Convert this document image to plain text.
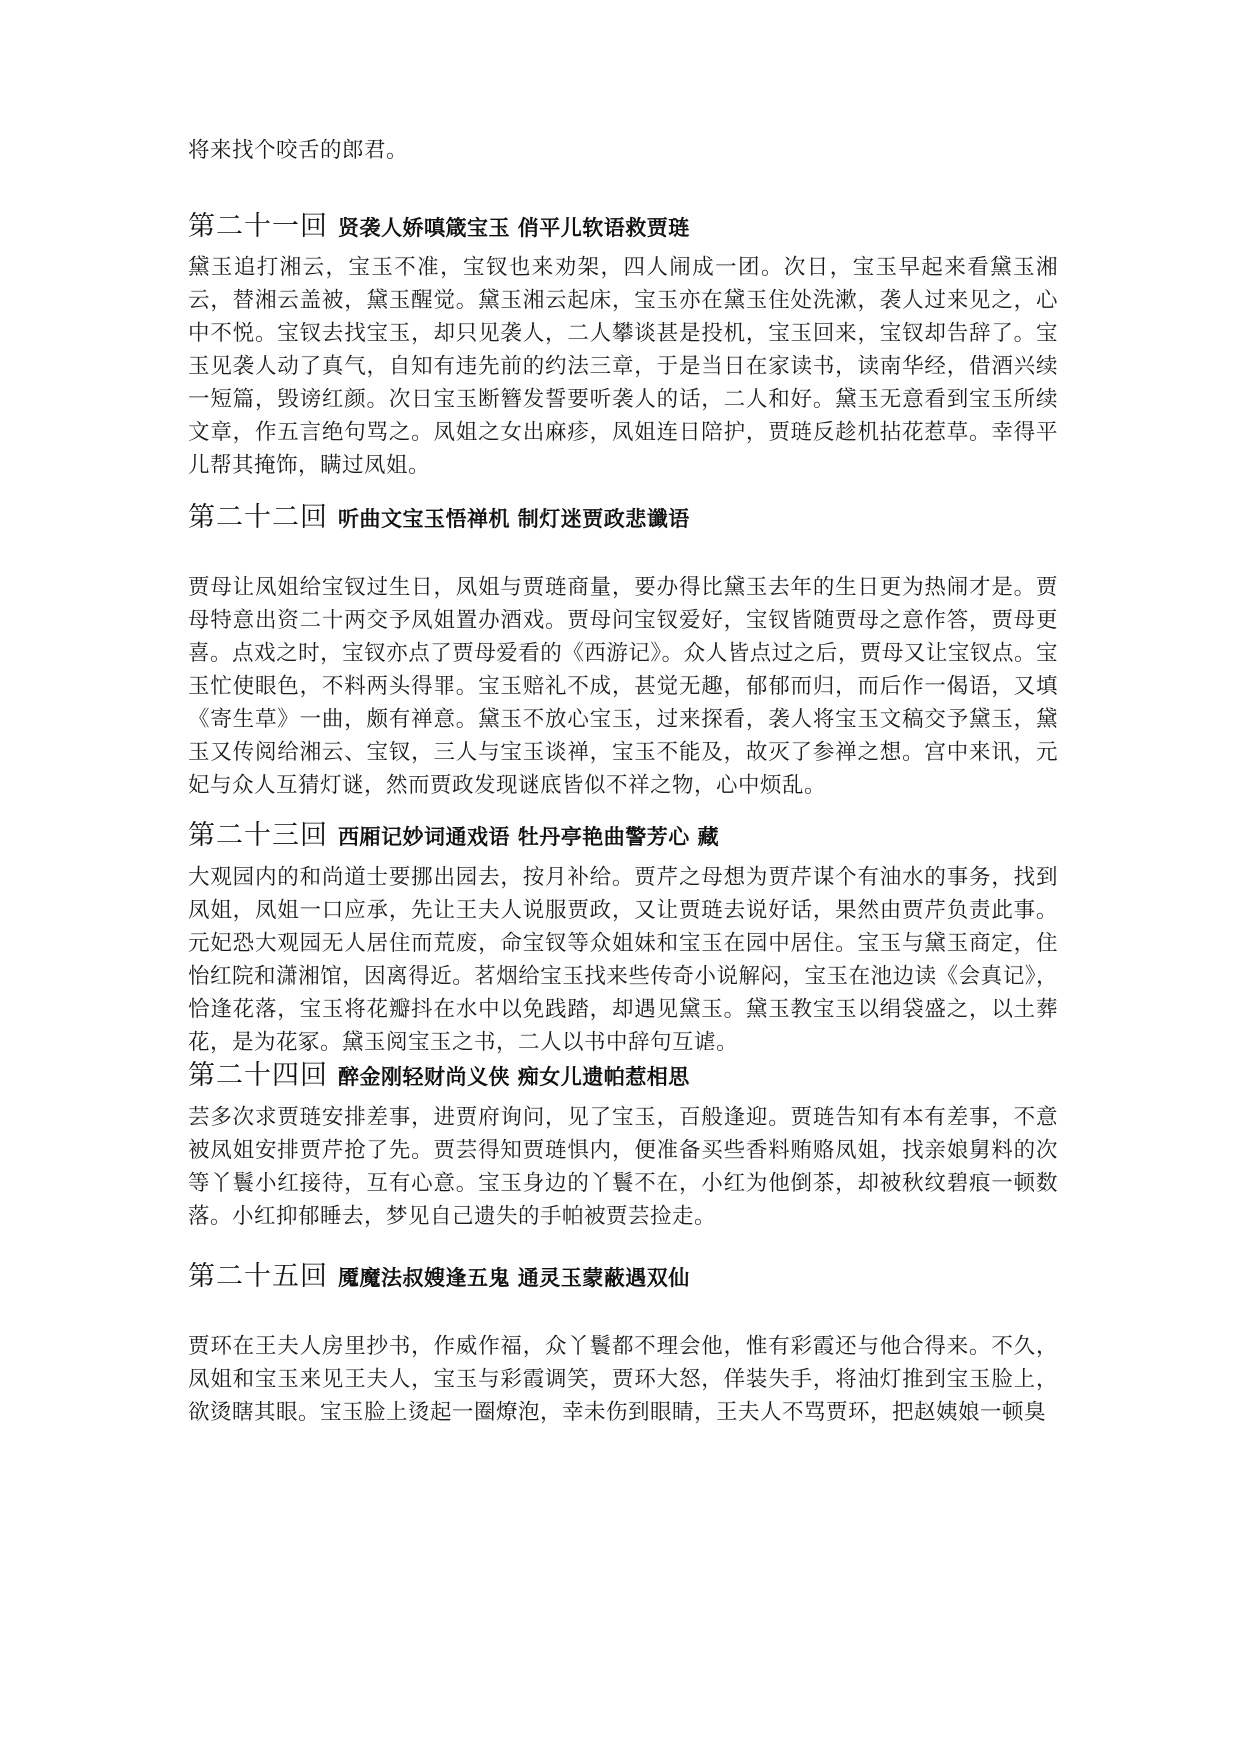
将来找个咬舌的郎君。

第二十一回 贤袭人娇嗔箴宝玉 俏平儿软语救贾琏

黛玉追打湘云，宝玉不准，宝钗也来劝架，四人闹成一团。次日，宝玉早起来看黛玉湘云，替湘云盖被，黛玉醒觉。黛玉湘云起床，宝玉亦在黛玉住处洗漱，袭人过来见之，心中不悦。宝钗去找宝玉，却只见袭人，二人攀谈甚是投机，宝玉回来，宝钗却告辞了。宝玉见袭人动了真气，自知有违先前的约法三章，于是当日在家读书，读南华经，借酒兴续一短篇，毁谤红颜。次日宝玉断簪发誓要听袭人的话，二人和好。黛玉无意看到宝玉所续文章，作五言绝句骂之。凤姐之女出麻疹，凤姐连日陪护，贾琏反趁机拈花惹草。幸得平儿帮其掩饰，瞒过凤姐。

第二十二回 听曲文宝玉悟禅机 制灯迷贾政悲谶语

贾母让凤姐给宝钗过生日，凤姐与贾琏商量，要办得比黛玉去年的生日更为热闹才是。贾母特意出资二十两交予凤姐置办酒戏。贾母问宝钗爱好，宝钗皆随贾母之意作答，贾母更喜。点戏之时，宝钗亦点了贾母爱看的《西游记》。众人皆点过之后，贾母又让宝钗点。宝玉忙使眼色，不料两头得罪。宝玉赔礼不成，甚觉无趣，郁郁而归，而后作一偈语，又填《寄生草》一曲，颇有禅意。黛玉不放心宝玉，过来探看，袭人将宝玉文稿交予黛玉，黛玉又传阅给湘云、宝钗，三人与宝玉谈禅，宝玉不能及，故灭了参禅之想。宫中来讯，元妃与众人互猜灯谜，然而贾政发现谜底皆似不祥之物，心中烦乱。

第二十三回 西厢记妙词通戏语 牡丹亭艳曲警芳心 藏

大观园内的和尚道士要挪出园去，按月补给。贾芹之母想为贾芹谋个有油水的事务，找到凤姐，凤姐一口应承，先让王夫人说服贾政，又让贾琏去说好话，果然由贾芹负责此事。元妃恐大观园无人居住而荒废，命宝钗等众姐妹和宝玉在园中居住。宝玉与黛玉商定，住怡红院和潇湘馆，因离得近。茗烟给宝玉找来些传奇小说解闷，宝玉在池边读《会真记》，恰逢花落，宝玉将花瓣抖在水中以免践踏，却遇见黛玉。黛玉教宝玉以绢袋盛之，以土葬花，是为花冢。黛玉阅宝玉之书，二人以书中辞句互谑。

第二十四回 醉金刚轻财尚义侠 痴女儿遗帕惹相思

芸多次求贾琏安排差事，进贾府询问，见了宝玉，百般逢迎。贾琏告知有本有差事，不意被凤姐安排贾芹抢了先。贾芸得知贾琏惧内，便准备买些香料贿赂凤姐，找亲娘舅料的次等丫鬟小红接待，互有心意。宝玉身边的丫鬟不在，小红为他倒茶，却被秋纹碧痕一顿数落。小红抑郁睡去，梦见自己遗失的手帕被贾芸捡走。

第二十五回 魇魔法叔嫂逢五鬼 通灵玉蒙蔽遇双仙

贾环在王夫人房里抄书，作威作福，众丫鬟都不理会他，惟有彩霞还与他合得来。不久，凤姐和宝玉来见王夫人，宝玉与彩霞调笑，贾环大怒，佯装失手，将油灯推到宝玉脸上，欲烫瞎其眼。宝玉脸上烫起一圈燎泡，幸未伤到眼睛，王夫人不骂贾环，把赵姨娘一顿臭
